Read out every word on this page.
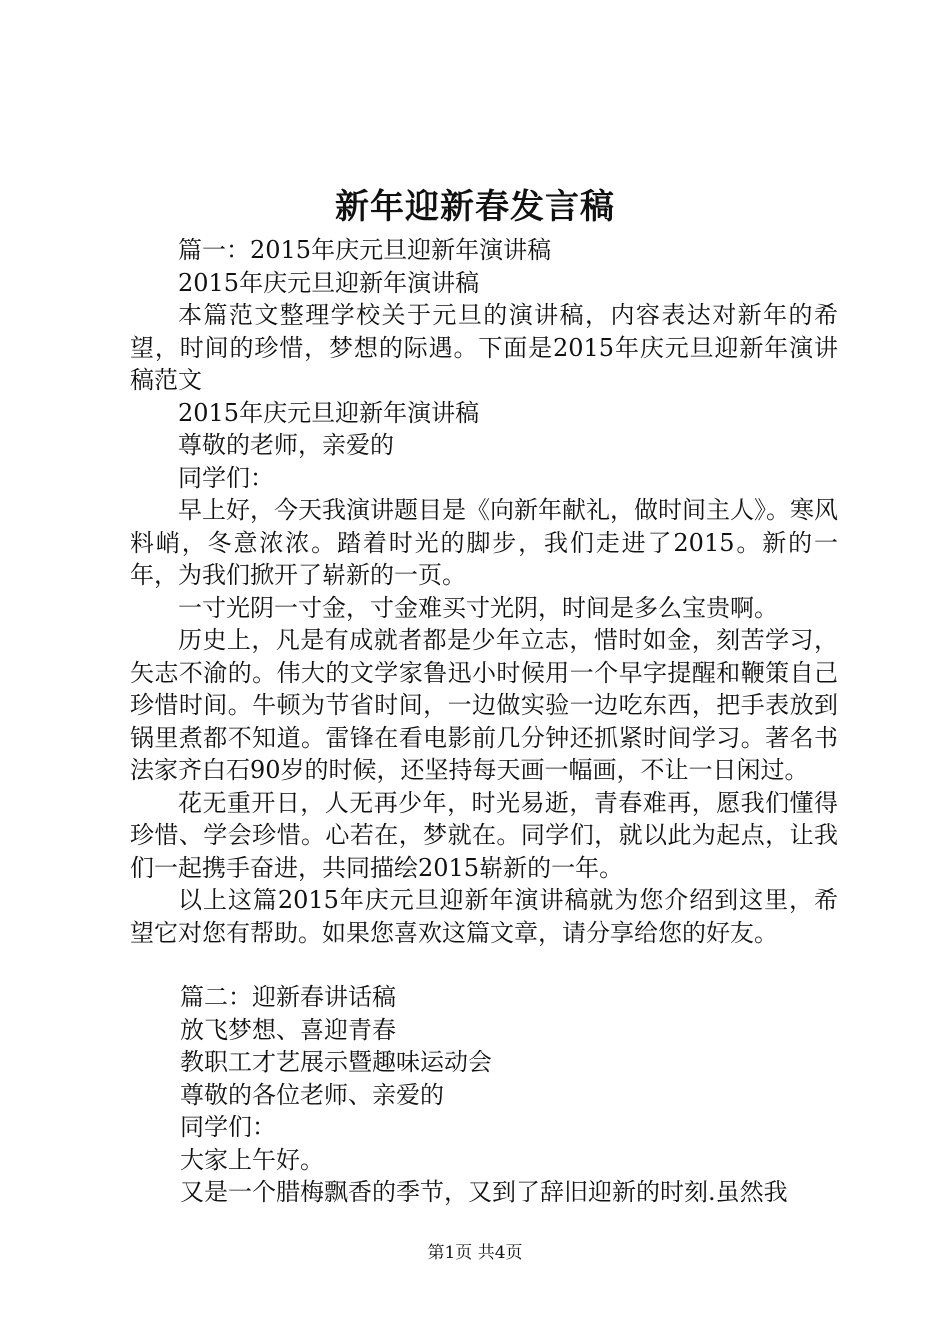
新年迎新春发言稿

篇一：2015年庆元旦迎新年演讲稿

2015年庆元旦迎新年演讲稿

本篇范文整理学校关于元旦的演讲稿，内容表达对新年的希望，时间的珍惜，梦想的际遇。下面是2015年庆元旦迎新年演讲稿范文

2015年庆元旦迎新年演讲稿

尊敬的老师，亲爱的

同学们：

早上好，今天我演讲题目是《向新年献礼，做时间主人》。寒风料峭，冬意浓浓。踏着时光的脚步，我们走进了2015。新的一年，为我们掀开了崭新的一页。

一寸光阴一寸金，寸金难买寸光阴，时间是多么宝贵啊。

历史上，凡是有成就者都是少年立志，惜时如金，刻苦学习，矢志不渝的。伟大的文学家鲁迅小时候用一个早字提醒和鞭策自己珍惜时间。牛顿为节省时间，一边做实验一边吃东西，把手表放到锅里煮都不知道。雷锋在看电影前几分钟还抓紧时间学习。著名书法家齐白石90岁的时候，还坚持每天画一幅画，不让一日闲过。

花无重开日，人无再少年，时光易逝，青春难再，愿我们懂得珍惜、学会珍惜。心若在，梦就在。同学们，就以此为起点，让我们一起携手奋进，共同描绘2015崭新的一年。

以上这篇2015年庆元旦迎新年演讲稿就为您介绍到这里，希望它对您有帮助。如果您喜欢这篇文章，请分享给您的好友。

篇二：迎新春讲话稿

放飞梦想、喜迎青春

教职工才艺展示暨趣味运动会

尊敬的各位老师、亲爱的

同学们：

大家上午好。

又是一个腊梅飘香的季节，又到了辞旧迎新的时刻.虽然我

第1页 共4页
